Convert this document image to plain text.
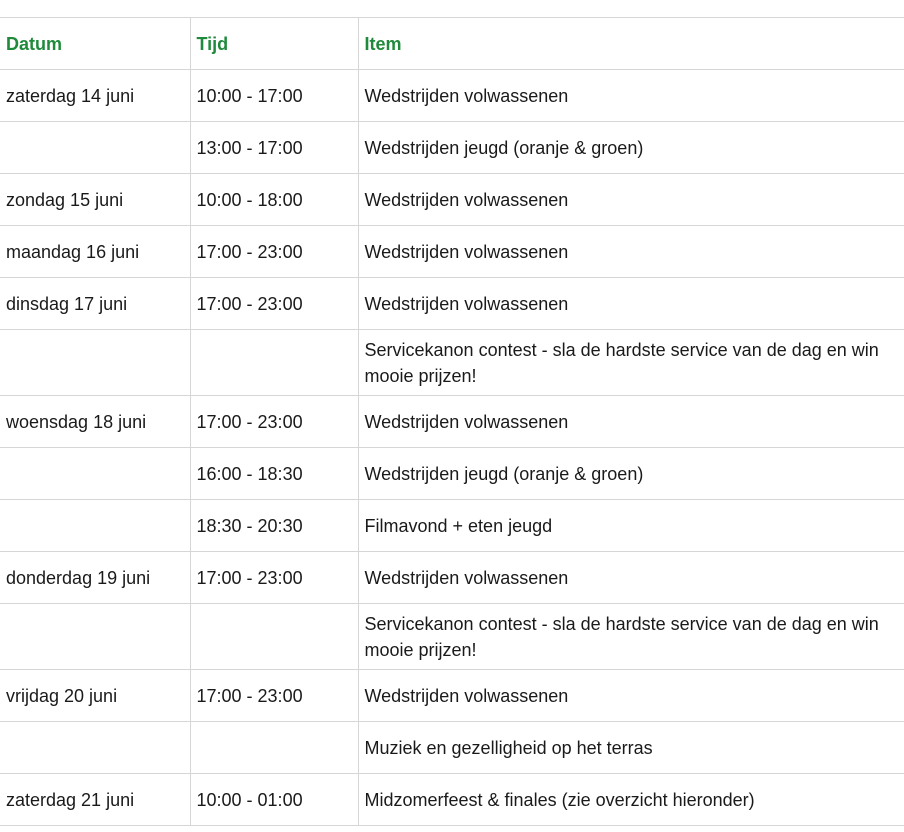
Datum	Tijd	Item
zaterdag 14 juni	10:00 - 17:00	Wedstrijden volwassenen
	13:00 - 17:00	Wedstrijden jeugd (oranje & groen)
zondag 15 juni	10:00 - 18:00	Wedstrijden volwassenen
maandag 16 juni	17:00 - 23:00	Wedstrijden volwassenen
dinsdag 17 juni	17:00 - 23:00	Wedstrijden volwassenen
		Servicekanon contest - sla de hardste service van de dag en win mooie prijzen!
woensdag 18 juni	17:00 - 23:00	Wedstrijden volwassenen
	16:00 - 18:30	Wedstrijden jeugd (oranje & groen)
	18:30 - 20:30	Filmavond + eten jeugd
donderdag 19 juni	17:00 - 23:00	Wedstrijden volwassenen
		Servicekanon contest - sla de hardste service van de dag en win mooie prijzen!
vrijdag 20 juni	17:00 - 23:00	Wedstrijden volwassenen
		Muziek en gezelligheid op het terras
zaterdag 21 juni	10:00 - 01:00	Midzomerfeest & finales (zie overzicht hieronder)
